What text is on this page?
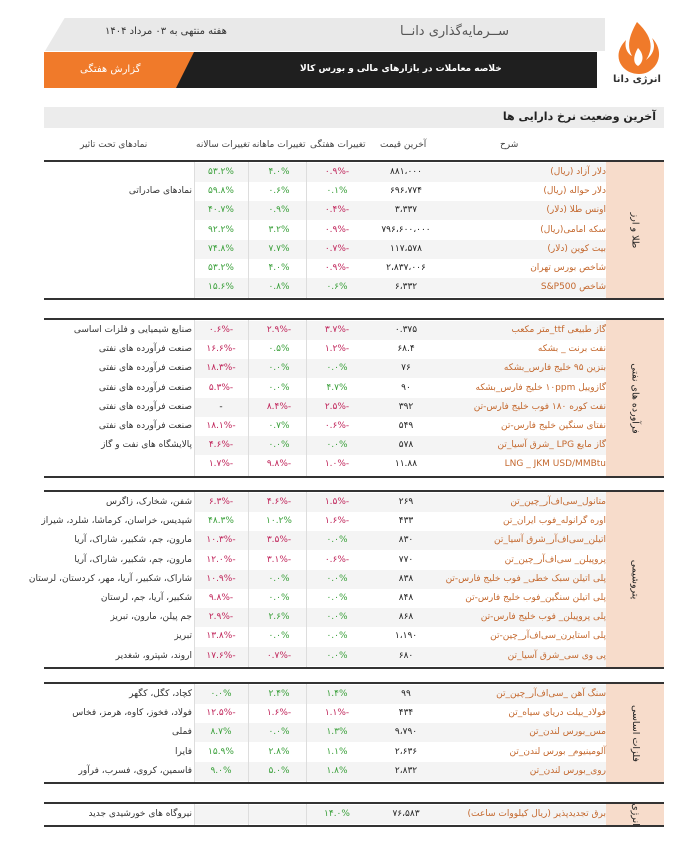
ســرمایه‌گذاری دانــا
هفته منتهی به ۰۳ مرداد ۱۴۰۴
خلاصه معاملات در بازارهای مالی و بورس کالا
گزارش هفتگی
انرژی دانا
آخرین وضعیت نرخ دارایی ها
شرح
آخرین قیمت
تغییرات هفتگی
تغییرات ماهانه
تغییرات سالانه
نمادهای تحت تاثیر
طلا و ارز
دلار آزاد (ریال)
۸۸۱،۰۰۰
-۰.۹%
۴.۰%
۵۳.۲%
دلار حواله (ریال)
۶۹۶،۷۷۴
۰.۱%
۰.۶%
۵۹.۸%
نمادهای صادراتی
اونس طلا (دلار)
۳،۳۳۷
-۰.۴%
۰.۹%
۴۰.۷%
سکه امامی(ریال)
۷۹۶،۶۰۰،۰۰۰
-۰.۹%
۳.۲%
۹۲.۲%
بیت کوین (دلار)
۱۱۷،۵۷۸
-۰.۷%
۷.۷%
۷۴.۸%
شاخص بورس تهران
۲،۸۳۷،۰۰۶
-۰.۹%
۴.۰%
۵۳.۲%
شاخص S&P500
۶،۳۳۲
۰.۶%
۰.۸%
۱۵.۶%
فرآورده های نفتی
گاز طبیعی ttf_متر مکعب
۰.۳۷۵
-۳.۷%
-۲.۹%
-۰.۶%
صنایع شیمیایی و فلزات اساسی
نفت برنت _ بشکه
۶۸.۴
-۱.۲%
۰.۵%
-۱۶.۶%
صنعت فرآورده های نفتی
بنزین ۹۵ خلیج فارس_بشکه
۷۶
۰.۰%
۰.۰%
-۱۸.۳%
صنعت فرآورده های نفتی
گازوییل ۱۰ppm خلیج فارس_بشکه
۹۰
۴.۷%
۰.۰%
-۵.۳%
صنعت فرآورده های نفتی
نفت کوره ۱۸۰ فوب خلیج فارس-تن
۳۹۲
-۲.۵%
-۸.۴%
-
صنعت فرآورده های نفتی
نفتای سنگین خلیج فارس-تن
۵۴۹
-۰.۶%
۰.۷%
-۱۸.۱%
صنعت فرآورده های نفتی
گاز مایع LPG _شرق آسیا_تن
۵۷۸
۰.۰%
۰.۰%
-۴.۶%
پالایشگاه های نفت و گاز
LNG _ JKM USD/MMBtu
۱۱.۸۸
-۱.۰%
-۹.۸%
-۱.۷%
پتروشیمی
متانول_سی‌اف‌آر_چین_تن
۲۶۹
-۱.۵%
-۴.۶%
-۶.۳%
شفن، شخارک، زاگرس
اوره گرانوله_فوب ایران_تن
۴۳۳
-۱.۶%
۱۰.۲%
۴۸.۳%
شپدیس، خراسان، کرماشا، شلرد، شیراز
اتیلن_سی‌اف‌آر_شرق آسیا_تن
۸۳۰
۰.۰%
-۳.۵%
-۱۰.۳%
مارون، جم، شکبیر، شاراک، آریا
پروپیلن_ سی‌اف‌آر_چین_تن
۷۷۰
-۰.۶%
-۳.۱%
-۱۲.۰%
مارون، جم، شکبیر، شاراک، آریا
پلی اتیلن سبک خطی_ فوب خلیج فارس-تن
۸۳۸
۰.۰%
۰.۰%
-۱۰.۹%
شاراک، شکبیر، آریا، مهر، کردستان، لرستان
پلی اتیلن سنگین_فوب خلیج فارس-تن
۸۴۸
۰.۰%
۰.۰%
-۹.۸%
شکبیر، آریا، جم، لرستان
پلی پروپیلن_ فوب خلیج فارس-تن
۸۶۸
۰.۰%
۲.۶%
-۲.۹%
جم پیلن، مارون، تبریز
پلی استایرن_سی‌اف‌آر_چین-تن
۱،۱۹۰
۰.۰%
۰.۰%
-۱۳.۸%
تبریز
پی وی سی_شرق آسیا_تن
۶۸۰
۰.۰%
-۰.۷%
-۱۷.۶%
اروند، شپترو، شغدیر
فلزات اساسی
سنگ آهن _سی‌اف‌آر_چین_تن
۹۹
۱.۴%
۲.۴%
۰.۰%
کچاد، کگل، کگهر
فولاد_بیلت دریای سیاه_تن
۴۳۴
-۱.۱%
-۱.۶%
-۱۲.۵%
فولاد، فخوز، کاوه، هرمز، فخاس
مس_بورس لندن_تن
۹،۷۹۰
۱.۳%
۰.۰%
۸.۷%
فملی
آلومینیوم_ بورس لندن_تن
۲،۶۳۶
۱.۱%
۲.۸%
۱۵.۹%
فایرا
روی_بورس لندن_تن
۲،۸۳۲
۱.۸%
۵.۰%
۹.۰%
فاسمین، کروی، فسرب، فرآور
انرژی
برق تجدیدپذیر (ریال کیلووات ساعت)
۷۶،۵۸۳
۱۴.۰%
نیروگاه های خورشیدی جدید
